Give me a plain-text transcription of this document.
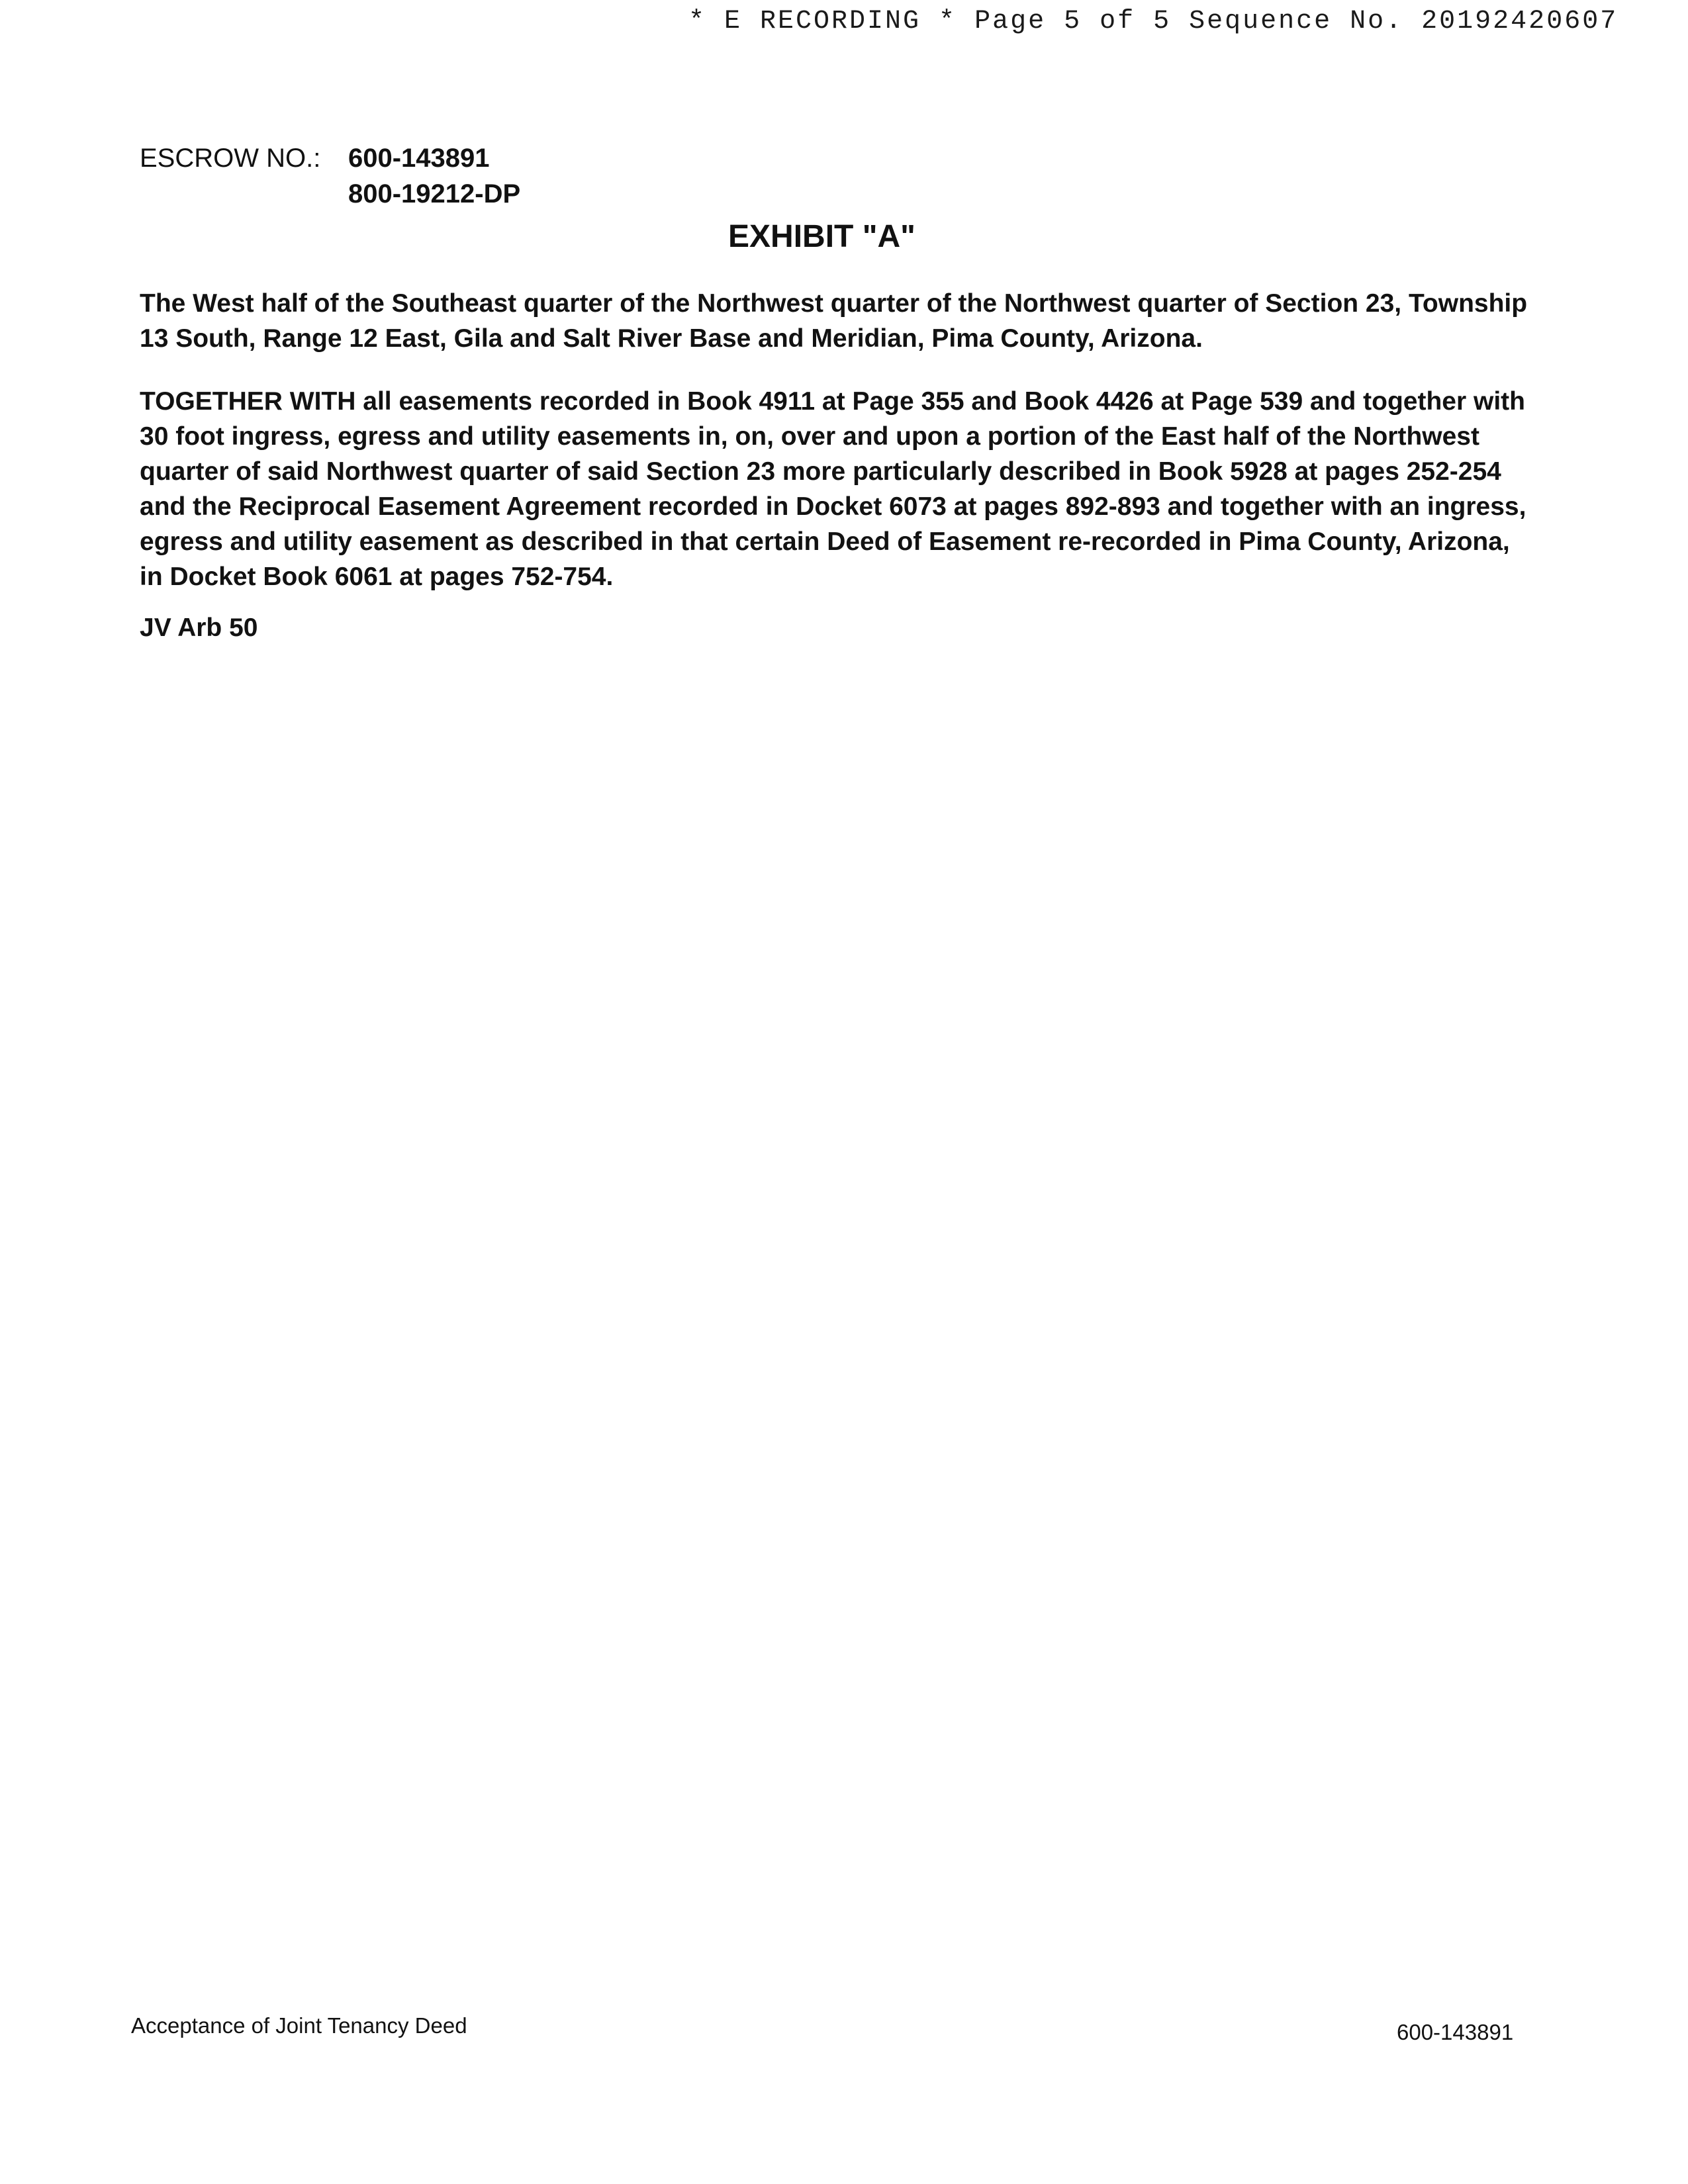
* E RECORDING * Page 5 of 5 Sequence No. 20192420607
ESCROW NO.: 600-143891
800-19212-DP
EXHIBIT "A"
The West half of the Southeast quarter of the Northwest quarter of the Northwest quarter of Section 23, Township 13 South, Range 12 East, Gila and Salt River Base and Meridian, Pima County, Arizona.
TOGETHER WITH all easements recorded in Book 4911 at Page 355 and Book 4426 at Page 539 and together with 30 foot ingress, egress and utility easements in, on, over and upon a portion of the East half of the Northwest quarter of said Northwest quarter of said Section 23 more particularly described in Book 5928 at pages 252-254 and the Reciprocal Easement Agreement recorded in Docket 6073 at pages 892-893 and together with an ingress, egress and utility easement as described in that certain Deed of Easement re-recorded in Pima County, Arizona, in Docket Book 6061 at pages 752-754.
JV Arb 50
Acceptance of Joint Tenancy Deed	600-143891
